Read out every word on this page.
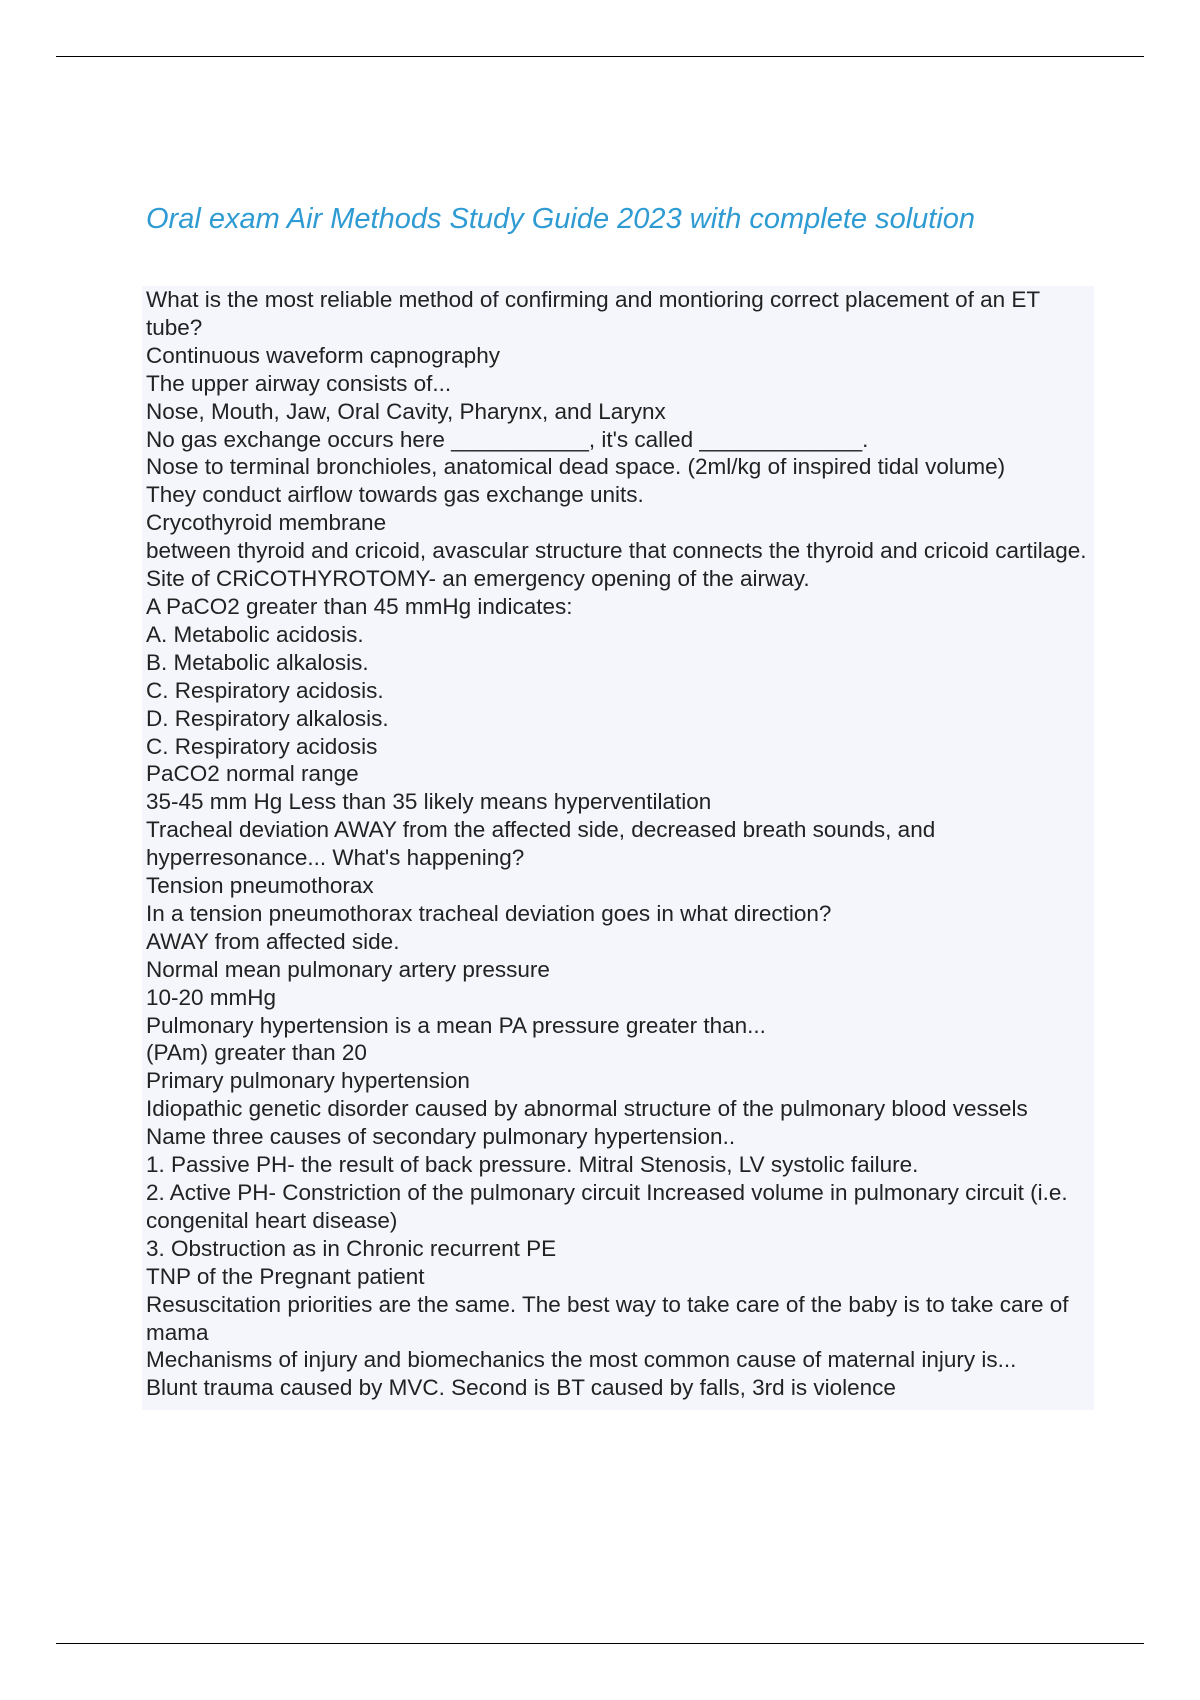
Oral exam Air Methods Study Guide 2023 with complete solution

What is the most reliable method of confirming and montioring correct placement of an ET tube?

Continuous waveform capnography

The upper airway consists of...

Nose, Mouth, Jaw, Oral Cavity, Pharynx, and Larynx

No gas exchange occurs here ___________, it's called _____________.

Nose to terminal bronchioles, anatomical dead space. (2ml/kg of inspired tidal volume)

They conduct airflow towards gas exchange units.

Crycothyroid membrane

between thyroid and cricoid, avascular structure that connects the thyroid and cricoid cartilage. Site of CRiCOTHYROTOMY- an emergency opening of the airway.

A PaCO2 greater than 45 mmHg indicates:

A. Metabolic acidosis.

B. Metabolic alkalosis.

C. Respiratory acidosis.

D. Respiratory alkalosis.

C. Respiratory acidosis

PaCO2 normal range

35-45 mm Hg Less than 35 likely means hyperventilation

Tracheal deviation AWAY from the affected side, decreased breath sounds, and hyperresonance... What's happening?

Tension pneumothorax

In a tension pneumothorax tracheal deviation goes in what direction?

AWAY from affected side.

Normal mean pulmonary artery pressure

10-20 mmHg

Pulmonary hypertension is a mean PA pressure greater than...

(PAm) greater than 20

Primary pulmonary hypertension

Idiopathic genetic disorder caused by abnormal structure of the pulmonary blood vessels

Name three causes of secondary pulmonary hypertension..

1. Passive PH- the result of back pressure. Mitral Stenosis, LV systolic failure.

2. Active PH- Constriction of the pulmonary circuit Increased volume in pulmonary circuit (i.e. congenital heart disease)

3. Obstruction as in Chronic recurrent PE

TNP of the Pregnant patient

Resuscitation priorities are the same. The best way to take care of the baby is to take care of mama

Mechanisms of injury and biomechanics the most common cause of maternal injury is...

Blunt trauma caused by MVC. Second is BT caused by falls, 3rd is violence
